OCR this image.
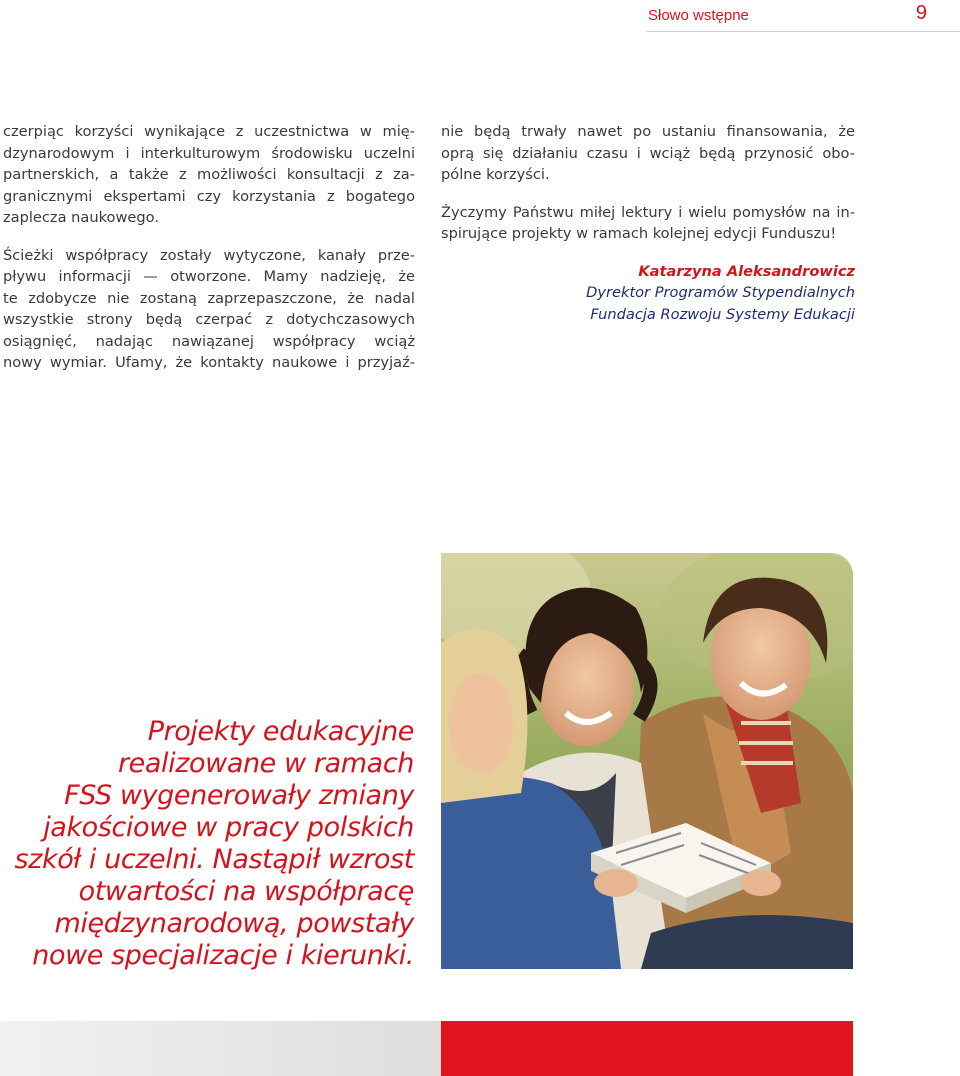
Słowo wstępne	9

czerpiąc korzyści wynikające z uczestnictwa w mię-

dzynarodowym i interkulturowym środowisku uczelni

partnerskich, a także z możliwości konsultacji z za-

granicznymi ekspertami czy korzystania z bogatego

zaplecza naukowego.

Ścieżki współpracy zostały wytyczone, kanały prze-

pływu informacji — otworzone. Mamy nadzieję, że

te zdobycze nie zostaną zaprzepaszczone, że nadal

wszystkie strony będą czerpać z dotychczasowych

osiągnięć, nadając nawiązanej współpracy wciąż

nowy wymiar. Ufamy, że kontakty naukowe i przyjaź-

nie będą trwały nawet po ustaniu finansowania, że

oprą się działaniu czasu i wciąż będą przynosić obo-

pólne korzyści.

Życzymy Państwu miłej lektury i wielu pomysłów na in-

spirujące projekty w ramach kolejnej edycji Funduszu!

Katarzyna Aleksandrowicz

Dyrektor Programów Stypendialnych

Fundacja Rozwoju Systemy Edukacji

Projekty edukacyjne
realizowane w ramach
FSS wygenerowały zmiany
jakościowe w pracy polskich
szkół i uczelni. Nastąpił wzrost
otwartości na współpracę
międzynarodową, powstały
nowe specjalizacje i kierunki.
